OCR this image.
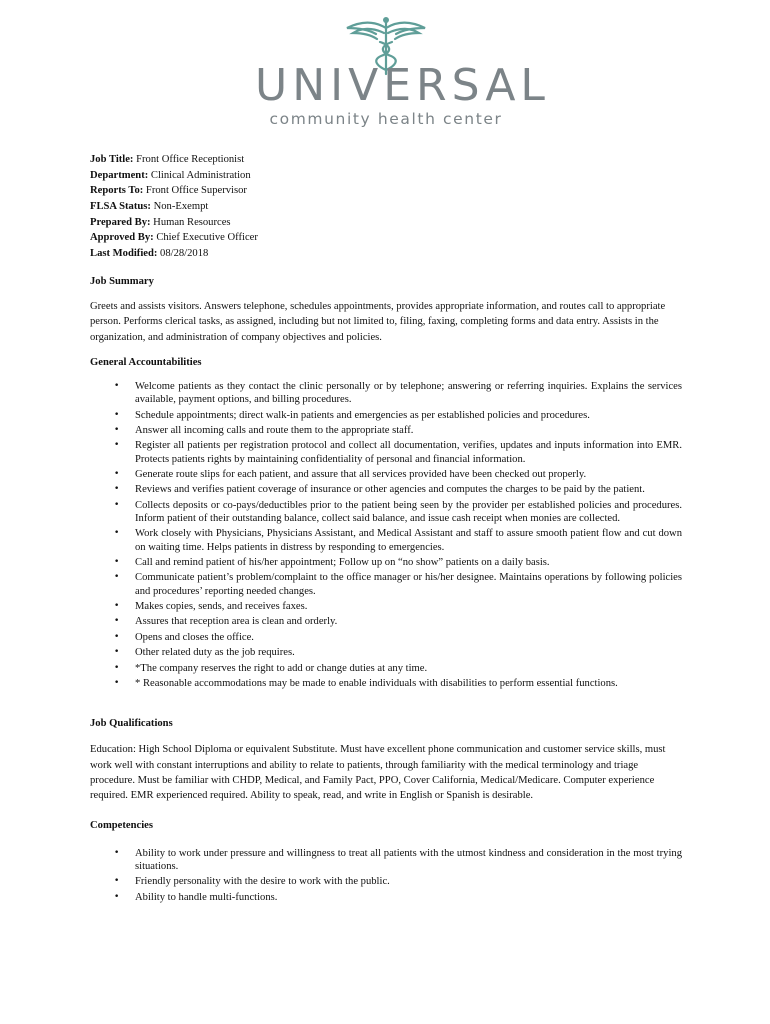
UNIVERSAL
community health center
Job Title: Front Office Receptionist
Department: Clinical Administration
Reports To: Front Office Supervisor
FLSA Status: Non-Exempt
Prepared By: Human Resources
Approved By: Chief Executive Officer
Last Modified: 08/28/2018
Job Summary

Greets and assists visitors. Answers telephone, schedules appointments, provides appropriate information, and routes call to appropriate person. Performs clerical tasks, as assigned, including but not limited to, filing, faxing, completing forms and data entry. Assists in the organization, and administration of company objectives and policies.

General Accountabilities
• Welcome patients as they contact the clinic personally or by telephone; answering or referring inquiries. Explains the services available, payment options, and billing procedures.
• Schedule appointments; direct walk-in patients and emergencies as per established policies and procedures.
• Answer all incoming calls and route them to the appropriate staff.
• Register all patients per registration protocol and collect all documentation, verifies, updates and inputs information into EMR. Protects patients rights by maintaining confidentiality of personal and financial information.
• Generate route slips for each patient, and assure that all services provided have been checked out properly.
• Reviews and verifies patient coverage of insurance or other agencies and computes the charges to be paid by the patient.
• Collects deposits or co-pays/deductibles prior to the patient being seen by the provider per established policies and procedures. Inform patient of their outstanding balance, collect said balance, and issue cash receipt when monies are collected.
• Work closely with Physicians, Physicians Assistant, and Medical Assistant and staff to assure smooth patient flow and cut down on waiting time. Helps patients in distress by responding to emergencies.
• Call and remind patient of his/her appointment; Follow up on “no show” patients on a daily basis.
• Communicate patient’s problem/complaint to the office manager or his/her designee. Maintains operations by following policies and procedures’ reporting needed changes.
• Makes copies, sends, and receives faxes.
• Assures that reception area is clean and orderly.
• Opens and closes the office.
• Other related duty as the job requires.
• *The company reserves the right to add or change duties at any time.
• * Reasonable accommodations may be made to enable individuals with disabilities to perform essential functions.
Job Qualifications

Education: High School Diploma or equivalent Substitute. Must have excellent phone communication and customer service skills, must work well with constant interruptions and ability to relate to patients, through familiarity with the medical terminology and triage procedure. Must be familiar with CHDP, Medical, and Family Pact, PPO, Cover California, Medical/Medicare. Computer experience required. EMR experienced required. Ability to speak, read, and write in English or Spanish is desirable.

Competencies
• Ability to work under pressure and willingness to treat all patients with the utmost kindness and consideration in the most trying situations.
• Friendly personality with the desire to work with the public.
• Ability to handle multi-functions.
